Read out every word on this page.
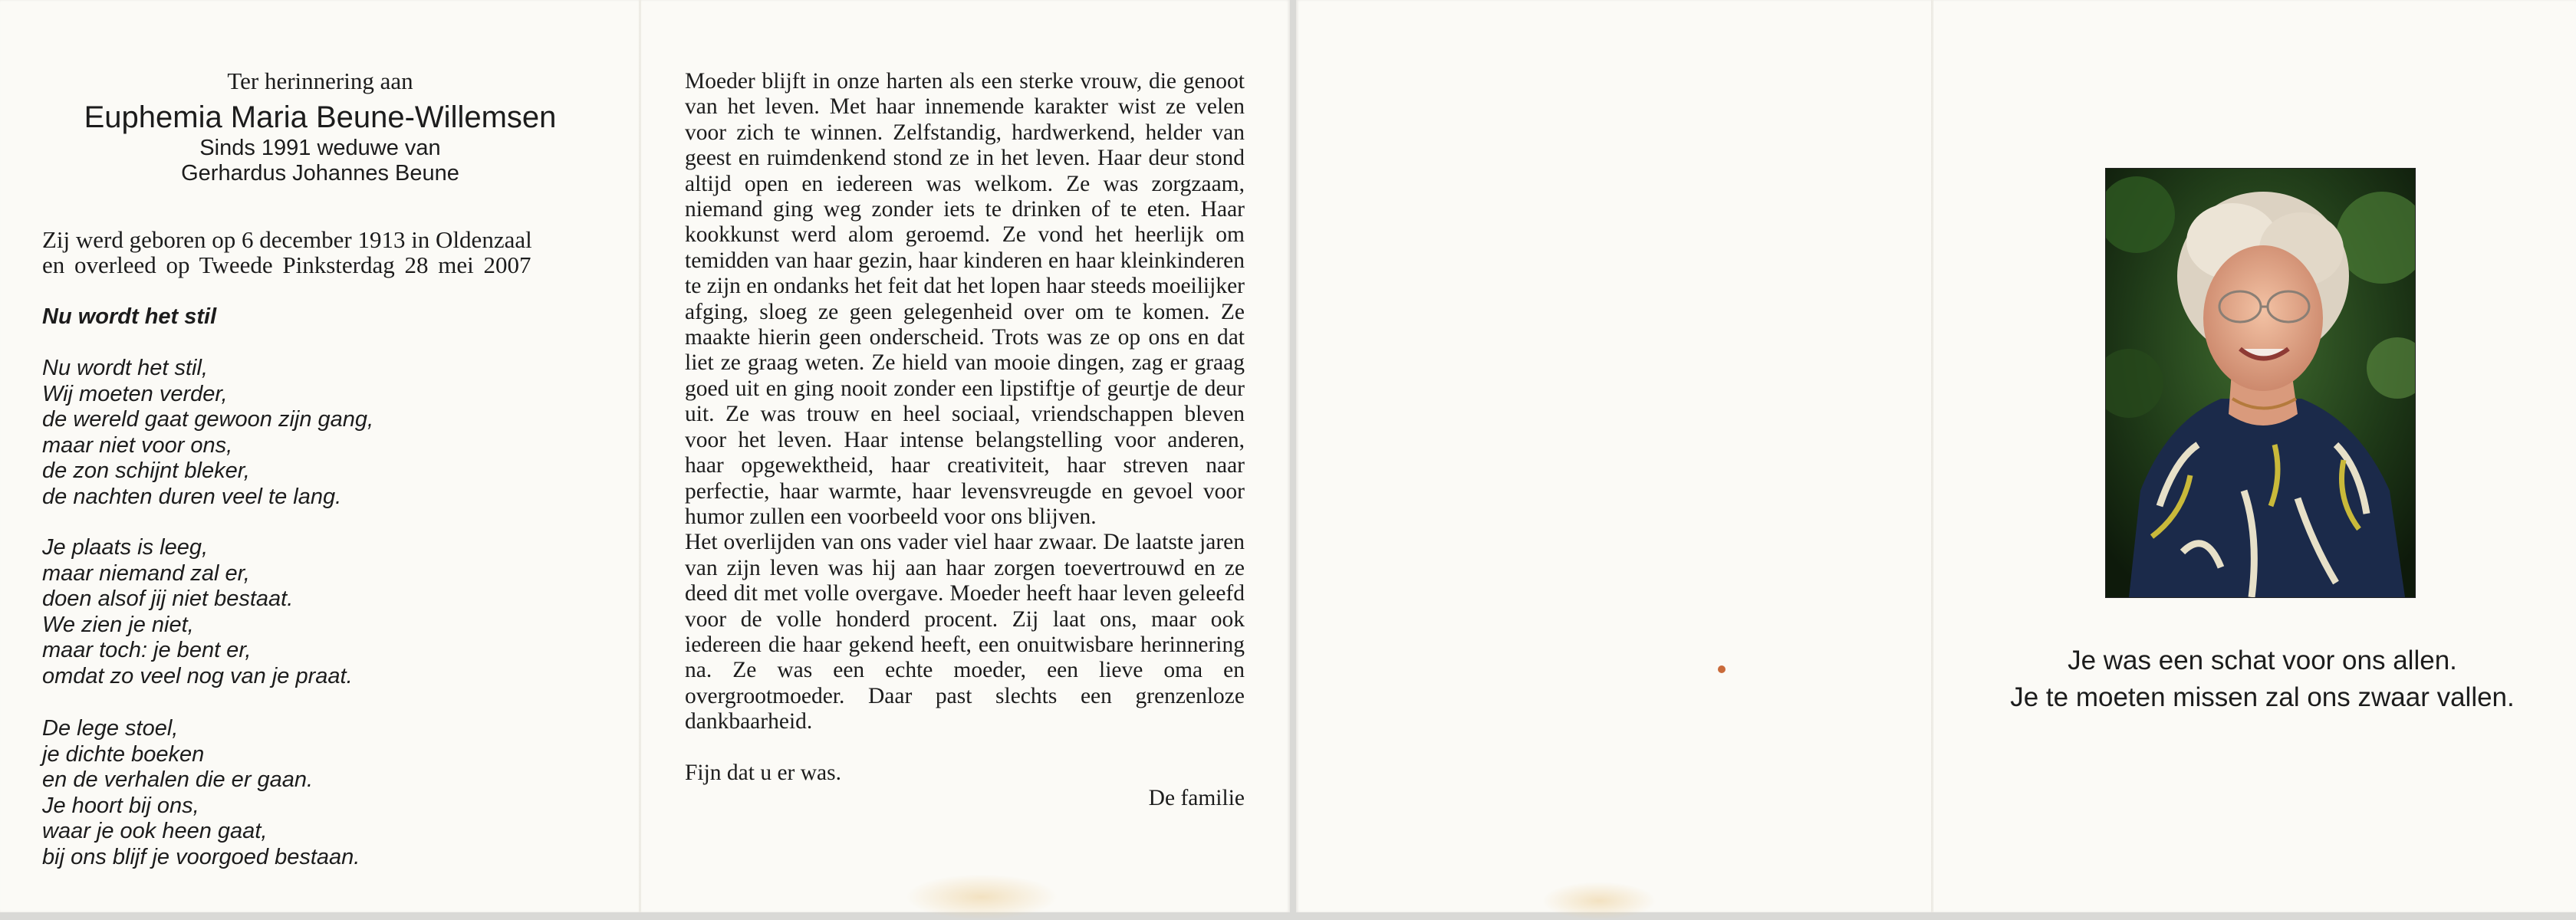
Ter herinnering aan
Euphemia Maria Beune-Willemsen
Sinds 1991 weduwe van
Gerhardus Johannes Beune
Zij werd geboren op 6 december 1913 in Oldenzaal
en overleed op Tweede Pinksterdag 28 mei 2007
Nu wordt het stil

Nu wordt het stil,

Wij moeten verder,

de wereld gaat gewoon zijn gang,

maar niet voor ons,

de zon schijnt bleker,

de nachten duren veel te lang.

Je plaats is leeg,

maar niemand zal er,

doen alsof jij niet bestaat.

We zien je niet,

maar toch: je bent er,

omdat zo veel nog van je praat.

De lege stoel,

je dichte boeken

en de verhalen die er gaan.

Je hoort bij ons,

waar je ook heen gaat,

bij ons blijf je voorgoed bestaan.

Moeder blijft in onze harten als een sterke vrouw, die genoot van het leven. Met haar innemende karakter wist ze velen voor zich te winnen. Zelfstandig, hardwerkend, helder van geest en ruimdenkend stond ze in het leven. Haar deur stond altijd open en iedereen was welkom. Ze was zorgzaam, niemand ging weg zonder iets te drinken of te eten. Haar kookkunst werd alom geroemd. Ze vond het heerlijk om temidden van haar gezin, haar kinderen en haar kleinkinderen te zijn en ondanks het feit dat het lopen haar steeds moeilijker afging, sloeg ze geen gelegenheid over om te komen. Ze maakte hierin geen onderscheid. Trots was ze op ons en dat liet ze graag weten. Ze hield van mooie dingen, zag er graag goed uit en ging nooit zonder een lipstiftje of geurtje de deur uit. Ze was trouw en heel sociaal, vriendschappen bleven voor het leven. Haar intense belangstelling voor anderen, haar opgewektheid, haar creativiteit, haar streven naar perfectie, haar warmte, haar levensvreugde en gevoel voor humor zullen een voorbeeld voor ons blijven.

Het overlijden van ons vader viel haar zwaar. De laatste jaren van zijn leven was hij aan haar zorgen toevertrouwd en ze deed dit met volle overgave. Moeder heeft haar leven geleefd voor de volle honderd procent. Zij laat ons, maar ook iedereen die haar gekend heeft, een onuitwisbare herinnering na. Ze was een echte moeder, een lieve oma en overgrootmoeder. Daar past slechts een grenzenloze dankbaarheid.

Fijn dat u er was.

De familie

Je was een schat voor ons allen.
Je te moeten missen zal ons zwaar vallen.
